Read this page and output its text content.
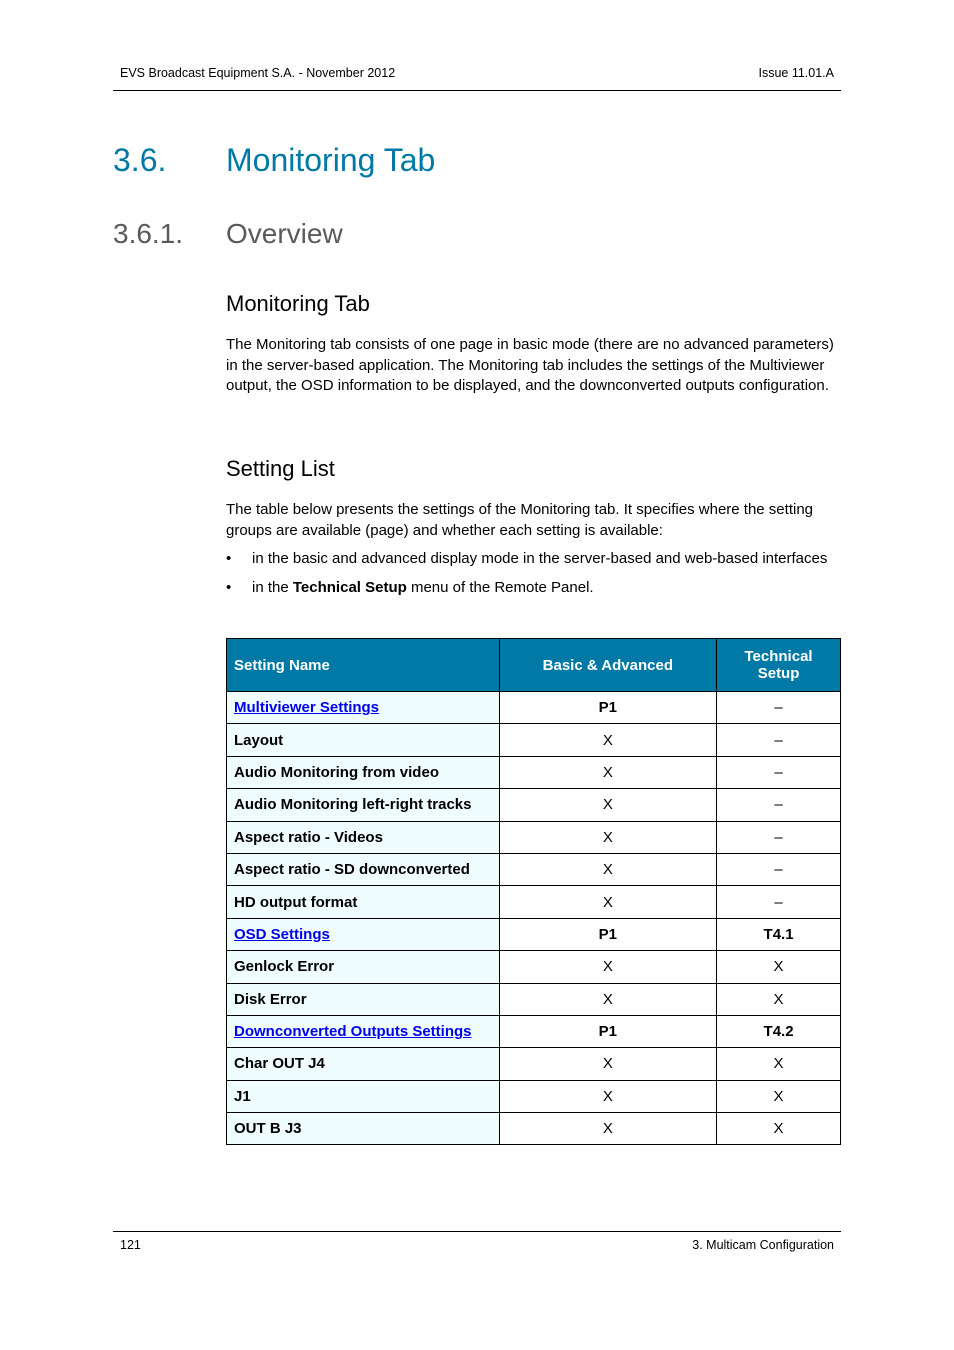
EVS Broadcast Equipment S.A. - November 2012	Issue 11.01.A
3.6. Monitoring Tab
3.6.1. Overview
Monitoring Tab

The Monitoring tab consists of one page in basic mode (there are no advanced parameters) in the server-based application. The Monitoring tab includes the settings of the Multiviewer output, the OSD information to be displayed, and the downconverted outputs configuration.

Setting List

The table below presents the settings of the Monitoring tab. It specifies where the setting groups are available (page) and whether each setting is available:

• in the basic and advanced display mode in the server-based and web-based interfaces
• in the Technical Setup menu of the Remote Panel.
Setting Name	Basic & Advanced	Technical Setup
Multiviewer Settings	P1	–
Layout	X	–
Audio Monitoring from video	X	–
Audio Monitoring left-right tracks	X	–
Aspect ratio - Videos	X	–
Aspect ratio - SD downconverted	X	–
HD output format	X	–
OSD Settings	P1	T4.1
Genlock Error	X	X
Disk Error	X	X
Downconverted Outputs Settings	P1	T4.2
Char OUT J4	X	X
J1	X	X
OUT B J3	X	X
121	3. Multicam Configuration
